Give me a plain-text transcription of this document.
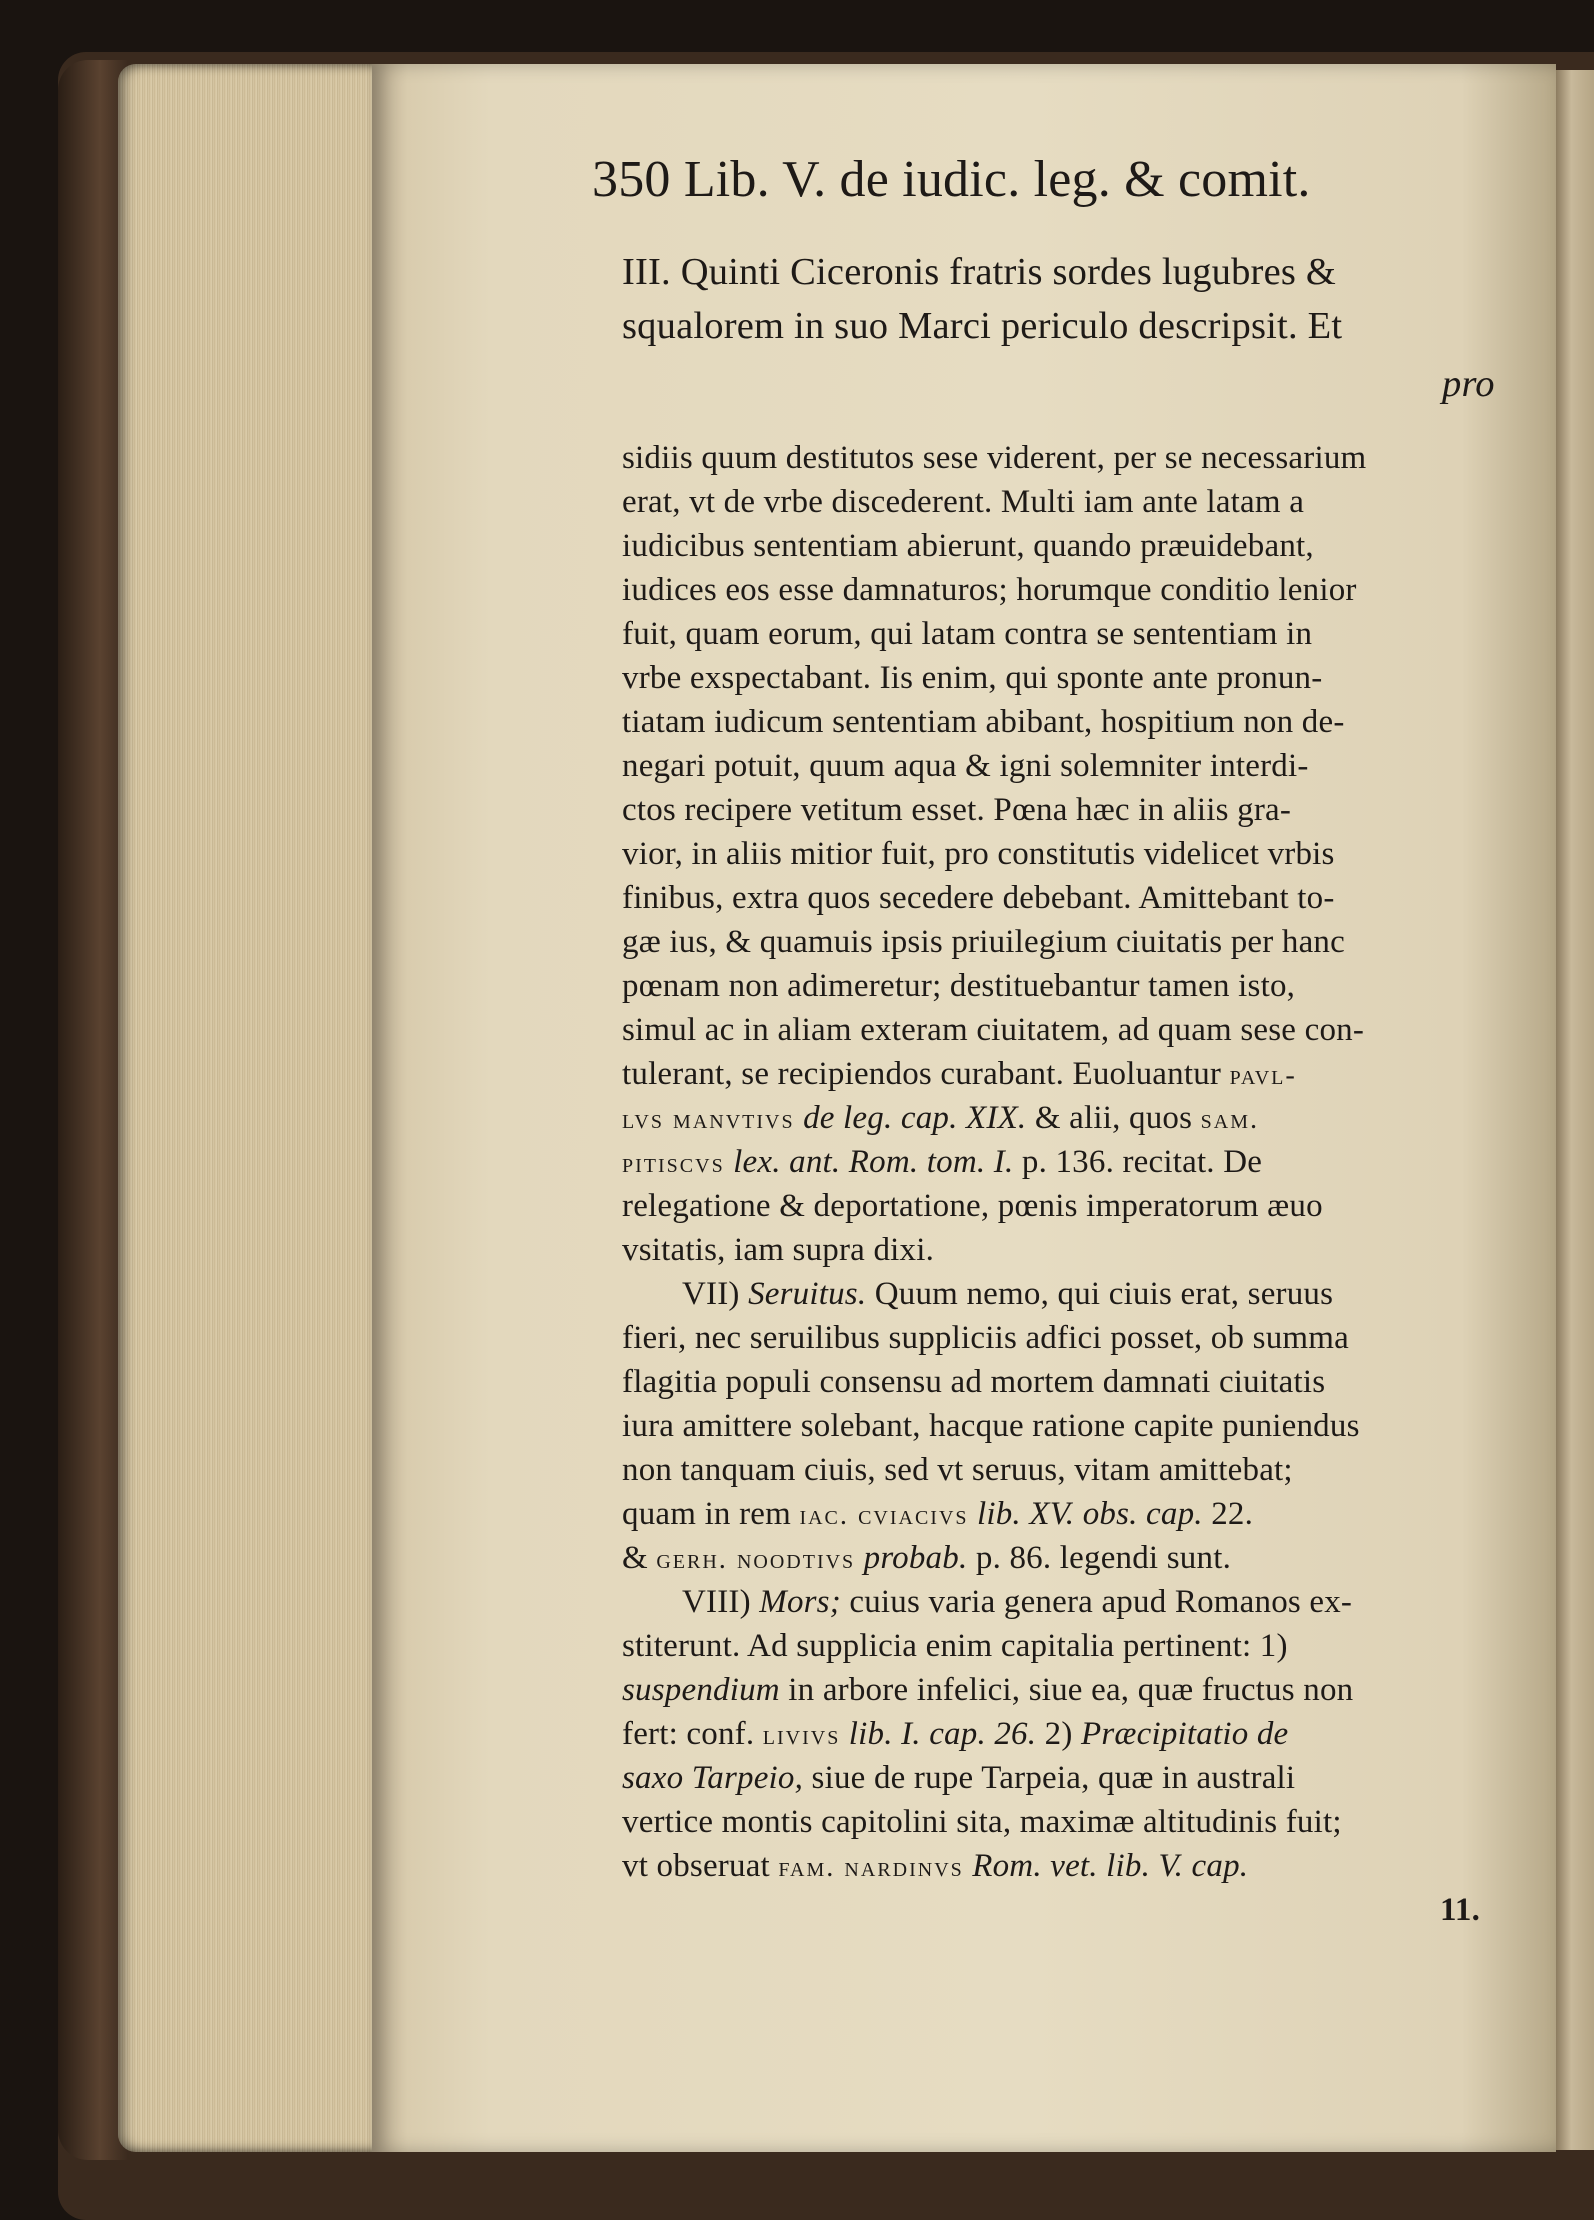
350 Lib. V. de iudic. leg. & comit.
III. Quinti Ciceronis fratris sordes lugubres &
squalorem in suo Marci periculo descripsit. Et
pro
sidiis quum destitutos sese viderent, per se necessarium
erat, vt de vrbe discederent. Multi iam ante latam a
iudicibus sententiam abierunt, quando præuidebant,
iudices eos esse damnaturos; horumque conditio lenior
fuit, quam eorum, qui latam contra se sententiam in
vrbe exspectabant. Iis enim, qui sponte ante pronun-
tiatam iudicum sententiam abibant, hospitium non de-
negari potuit, quum aqua & igni solemniter interdi-
ctos recipere vetitum esset. Pœna hæc in aliis gra-
vior, in aliis mitior fuit, pro constitutis videlicet vrbis
finibus, extra quos secedere debebant. Amittebant to-
gæ ius, & quamuis ipsis priuilegium ciuitatis per hanc
pœnam non adimeretur; destituebantur tamen isto,
simul ac in aliam exteram ciuitatem, ad quam sese con-
tulerant, se recipiendos curabant. Euoluantur pavl-
lvs manvtivs de leg. cap. XIX. & alii, quos sam.
pitiscvs lex. ant. Rom. tom. I. p. 136. recitat. De
relegatione & deportatione, pœnis imperatorum æuo
vsitatis, iam supra dixi.
VII) Seruitus. Quum nemo, qui ciuis erat, seruus
fieri, nec seruilibus suppliciis adfici posset, ob summa
flagitia populi consensu ad mortem damnati ciuitatis
iura amittere solebant, hacque ratione capite puniendus
non tanquam ciuis, sed vt seruus, vitam amittebat;
quam in rem iac. cviacivs lib. XV. obs. cap. 22.
& gerh. noodtivs probab. p. 86. legendi sunt.
VIII) Mors; cuius varia genera apud Romanos ex-
stiterunt. Ad supplicia enim capitalia pertinent: 1)
suspendium in arbore infelici, siue ea, quæ fructus non
fert: conf. livivs lib. I. cap. 26. 2) Præcipitatio de
saxo Tarpeio, siue de rupe Tarpeia, quæ in australi
vertice montis capitolini sita, maximæ altitudinis fuit;
vt obseruat fam. nardinvs Rom. vet. lib. V. cap.
11.
